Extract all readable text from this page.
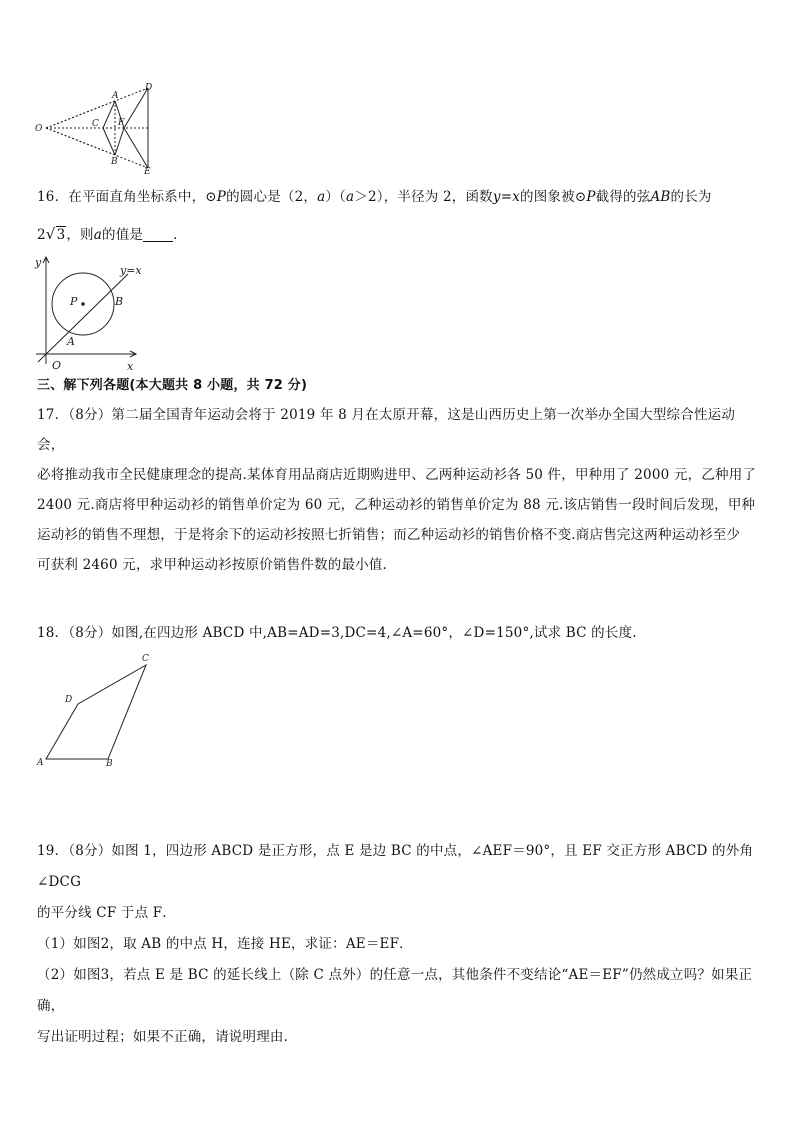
O
A
B
C
D
E
F
16．在平面直角坐标系中，⊙P的圆心是（2，a）（a＞2），半径为 2，函数y=x的图象被⊙P截得的弦AB的长为
2√3，则a的值是 ．
y
x
O
P
A
B
y=x
三、解下列各题(本大题共 8 小题，共 72 分)
17．（8分）第二届全国青年运动会将于 2019 年 8 月在太原开幕，这是山西历史上第一次举办全国大型综合性运动会，
必将推动我市全民健康理念的提高.某体育用品商店近期购进甲、乙两种运动衫各 50 件，甲种用了 2000 元，乙种用了
2400 元.商店将甲种运动衫的销售单价定为 60 元，乙种运动衫的销售单价定为 88 元.该店销售一段时间后发现，甲种
运动衫的销售不理想，于是将余下的运动衫按照七折销售；而乙种运动衫的销售价格不变.商店售完这两种运动衫至少
可获利 2460 元，求甲种运动衫按原价销售件数的最小值.
18．（8分）如图,在四边形 ABCD 中,AB=AD=3,DC=4,∠A=60°，∠D=150°,试求 BC 的长度.
A	B
C
D
19．（8分）如图 1，四边形 ABCD 是正方形，点 E 是边 BC 的中点，∠AEF＝90°，且 EF 交正方形 ABCD 的外角∠DCG
的平分线 CF 于点 F．
（1）如图2，取 AB 的中点 H，连接 HE，求证：AE＝EF．
（2）如图3，若点 E 是 BC 的延长线上（除 C 点外）的任意一点，其他条件不变结论“AE＝EF”仍然成立吗？如果正确，
写出证明过程；如果不正确，请说明理由．
